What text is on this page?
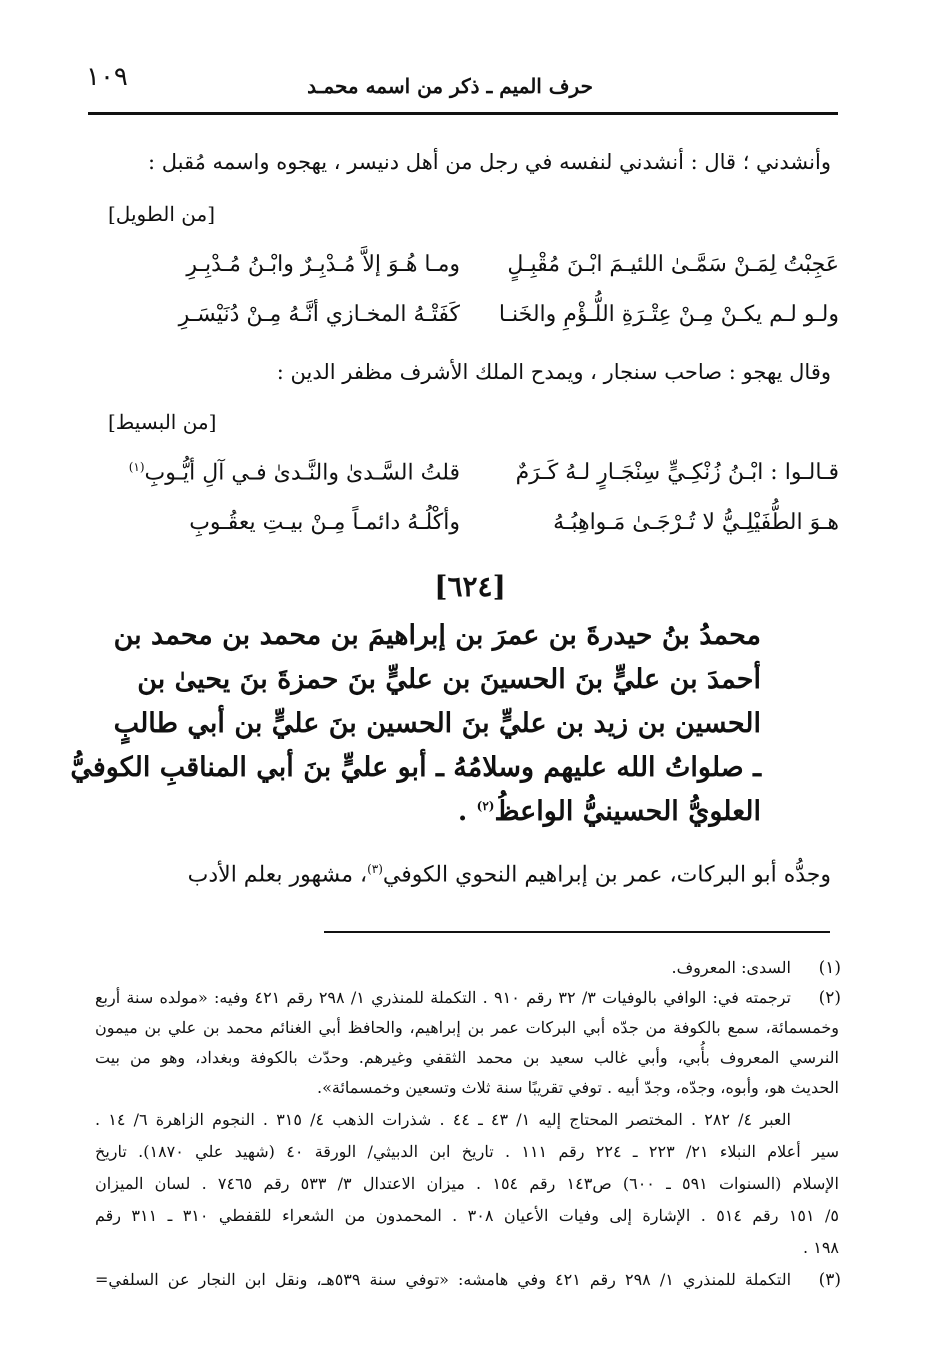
حرف الميم ـ ذكر من اسمه محمـد
١٠٩
وأنشدني ؛ قال : أنشدني لنفسه في رجل من أهل دنيسر ، يهجوه واسمه مُقبل :
[من الطويل]
عَجِبْتُ لِمَـنْ سَمَّـىٰ اللئيـمَ ابْـنَ مُقْبِـلٍ
ومـا هُـوَ إلاَّ مُـدْبِـرٌ وابْـنُ مُـدْبِـرِ
ولـو لـم يكـنْ مِـنْ عِتْـرَةِ اللُّـؤْمِ والخَنـا
كَفَتْـهُ المخـازي أنَّـهُ مِـنْ دُنَيْسَـرِ
وقال يهجو : صاحب سنجار ، ويمدح الملك الأشرف مظفر الدين :
[من البسيط]
قـالـوا : ابْـنُ زُنْكِـيٍّ سِنْجَـارٍ لـهُ كَـرَمٌ
قلتُ السَّـدىٰ والنَّـدىٰ فـي آلِ أيُّـوبِ$^{(١)}$
هـوَ الطُّفَيْلِـيُّ لا تُـرْجَـىٰ مَـواهِبُـهُ
وأكْلُـهُ دائمـاً مِـنْ بيـتِ يعقُـوبِ
[٦٢٤]
محمدُ بنُ حيدرةَ بن عمرَ بن إبراهيمَ بن محمد بن محمد بن
أحمدَ بن عليٍّ بنَ الحسينَ بن عليٍّ بنَ حمزةَ بنَ يحيىٰ بن
الحسين بن زيد بن عليٍّ بنَ الحسين بنَ عليٍّ بن أبي طالبٍ
ـ صلواتُ الله عليهم وسلامُهُ ـ أبو عليٍّ بنَ أبي المناقبِ الكوفيُّ
العلويُّ الحسينيُّ الواعظُ$^{(٢)}$ .
وجدُّه أبو البركات، عمر بن إبراهيم النحوي الكوفي$^{(٣)}$، مشهور بعلم الأدب
(١)
السدى: المعروف.
(٢)
ترجمته في: الوافي بالوفيات ٣/ ٣٢ رقم ٩١٠ . التكملة للمنذري ١/ ٢٩٨ رقم ٤٢١ وفيه: «مولده سنة أربع
وخمسمائة، سمع بالكوفة من جدّه أبي البركات عمر بن إبراهيم، والحافظ أبي الغنائم محمد بن علي بن ميمون
النرسي المعروف بأُبي، وأبي غالب سعيد بن محمد الثقفي وغيرهم. وحدّث بالكوفة وبغداد، وهو من بيت
الحديث هو، وأبوه، وجدّه، وجدّ أبيه . توفي تقريبًا سنة ثلاث وتسعين وخمسمائة».
العبر ٤/ ٢٨٢ . المختصر المحتاج إليه ١/ ٤٣ ـ ٤٤ . شذرات الذهب ٤/ ٣١٥ . النجوم الزاهرة ٦/ ١٤ .
سير أعلام النبلاء ٢١/ ٢٢٣ ـ ٢٢٤ رقم ١١١ . تاريخ ابن الدبيثي/ الورقة ٤٠ (شهيد علي ١٨٧٠). تاريخ
الإسلام (السنوات ٥٩١ ـ ٦٠٠) ص١٤٣ رقم ١٥٤ . ميزان الاعتدال ٣/ ٥٣٣ رقم ٧٤٦٥ . لسان الميزان
٥/ ١٥١ رقم ٥١٤ . الإشارة إلى وفيات الأعيان ٣٠٨ . المحمدون من الشعراء للقفطي ٣١٠ ـ ٣١١ رقم
١٩٨ .
(٣)
التكملة للمنذري ١/ ٢٩٨ رقم ٤٢١ وفي هامشه: «توفي سنة ٥٣٩هـ، ونقل ابن النجار عن السلفي=
